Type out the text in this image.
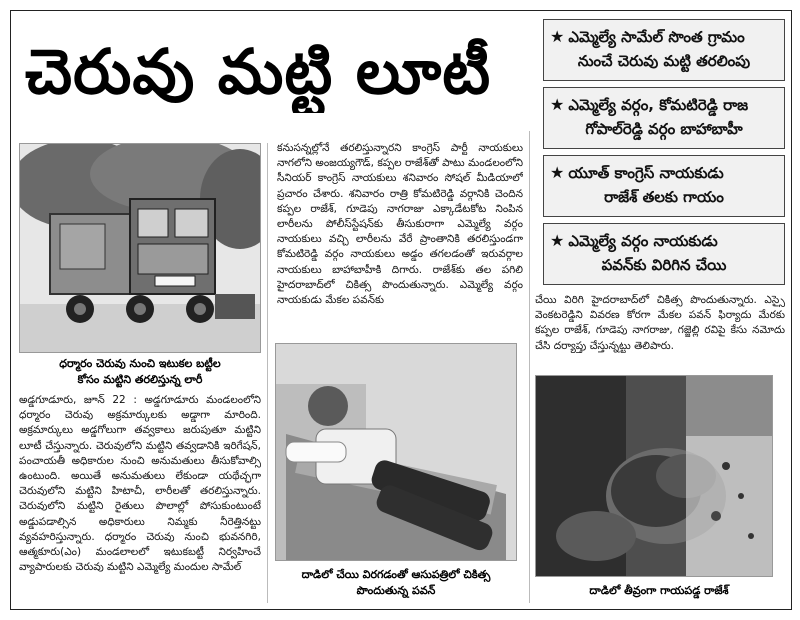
చెరువు మట్టి లూటీ	★ ఎమ్మెల్యే సామేల్ సొంత గ్రామం
నుంచే చెరువు మట్టి తరలింపు
★ ఎమ్మెల్యే వర్గం, కోమటిరెడ్డి రాజ
గోపాల్‌రెడ్డి వర్గం బాహాబాహీ
★ యూత్ కాంగ్రెస్ నాయకుడు
రాజేశ్ తలకు గాయం
★ ఎమ్మెల్యే వర్గం నాయకుడు
పవన్‌కు విరిగిన చేయి
ధర్మారం చెరువు నుంచి ఇటుకల బట్టీల కోసం మట్టిని తరలిస్తున్న లారీ

అడ్డగూడూరు, జూన్ 22 : అడ్డగూడూరు మండలంలోని ధర్మారం చెరువు అక్రమార్కులకు అడ్డాగా మారింది. అక్రమార్కులు అడ్డగోలుగా తవ్వకాలు జరుపుతూ మట్టిని లూటీ చేస్తున్నారు. చెరువులోని మట్టిని తవ్వడానికి ఇరిగేషన్, పంచాయతీ అధికారుల నుంచి అనుమతులు తీసుకోవాల్సి ఉంటుంది. అయితే అనుమతులు లేకుండా యథేచ్ఛగా చెరువులోని మట్టిని హిటాచీ, లారీలతో తరలిస్తున్నారు. చెరువులోని మట్టిని రైతులు పొలాల్లో పోసుకుంటుంటే అడ్డుపడాల్సిన అధికారులు నిమ్మకు నీరెత్తినట్టు వ్యవహరిస్తున్నారు. ధర్మారం చెరువు నుంచి భువనగిరి, ఆత్మకూరు(ఎం) మండలాలలో ఇటుకబట్టీ నిర్వహించే వ్యాపారులకు చెరువు మట్టిని ఎమ్మెల్యే మందుల సామేల్

కనుసన్నల్లోనే తరలిస్తున్నారని కాంగ్రెస్ పార్టీ నాయకులు నాగలోని అంజయ్యగౌడ్, కప్పల రాజేశ్‌తో పాటు మండలంలోని సీనియర్ కాంగ్రెస్ నాయకులు శనివారం సోషల్ మీడియాలో ప్రచారం చేశారు. శనివారం రాత్రి కోమటిరెడ్డి వర్గానికి చెందిన కప్పల రాజేశ్, గూడెపు నాగరాజు ఎక్కాడేటకోట నింపిన లారీలను పోలీస్‌స్టేషన్‌కు తీసుకురాగా ఎమ్మెల్యే వర్గం నాయకులు వచ్చి లారీలను వేరే ప్రాంతానికి తరలిస్తుండగా కోమటిరెడ్డి వర్గం నాయకులు అడ్డం తగలడంతో ఇరువర్గాల నాయకులు బాహాబాహీకి దిగారు. రాజేశ్‌కు తల పగిలి హైదరాబాద్‌లో చికిత్స పొందుతున్నారు. ఎమ్మెల్యే వర్గం నాయకుడు మేకల పవన్‌కు

దాడిలో చేయి విరగడంతో ఆసుపత్రిలో చికిత్స పొందుతున్న పవన్

చేయి విరిగి హైదరాబాద్‌లో చికిత్స పొందుతున్నారు. ఎస్సై వెంకటరెడ్డిని వివరణ కోరగా మేకల పవన్ ఫిర్యాదు మేరకు కప్పల రాజేశ్, గూడెపు నాగరాజు, గజ్జెల్లి రవిపై కేసు నమోదు చేసి దర్యాప్తు చేస్తున్నట్టు తెలిపారు.

దాడిలో తీవ్రంగా గాయపడ్డ రాజేశ్
